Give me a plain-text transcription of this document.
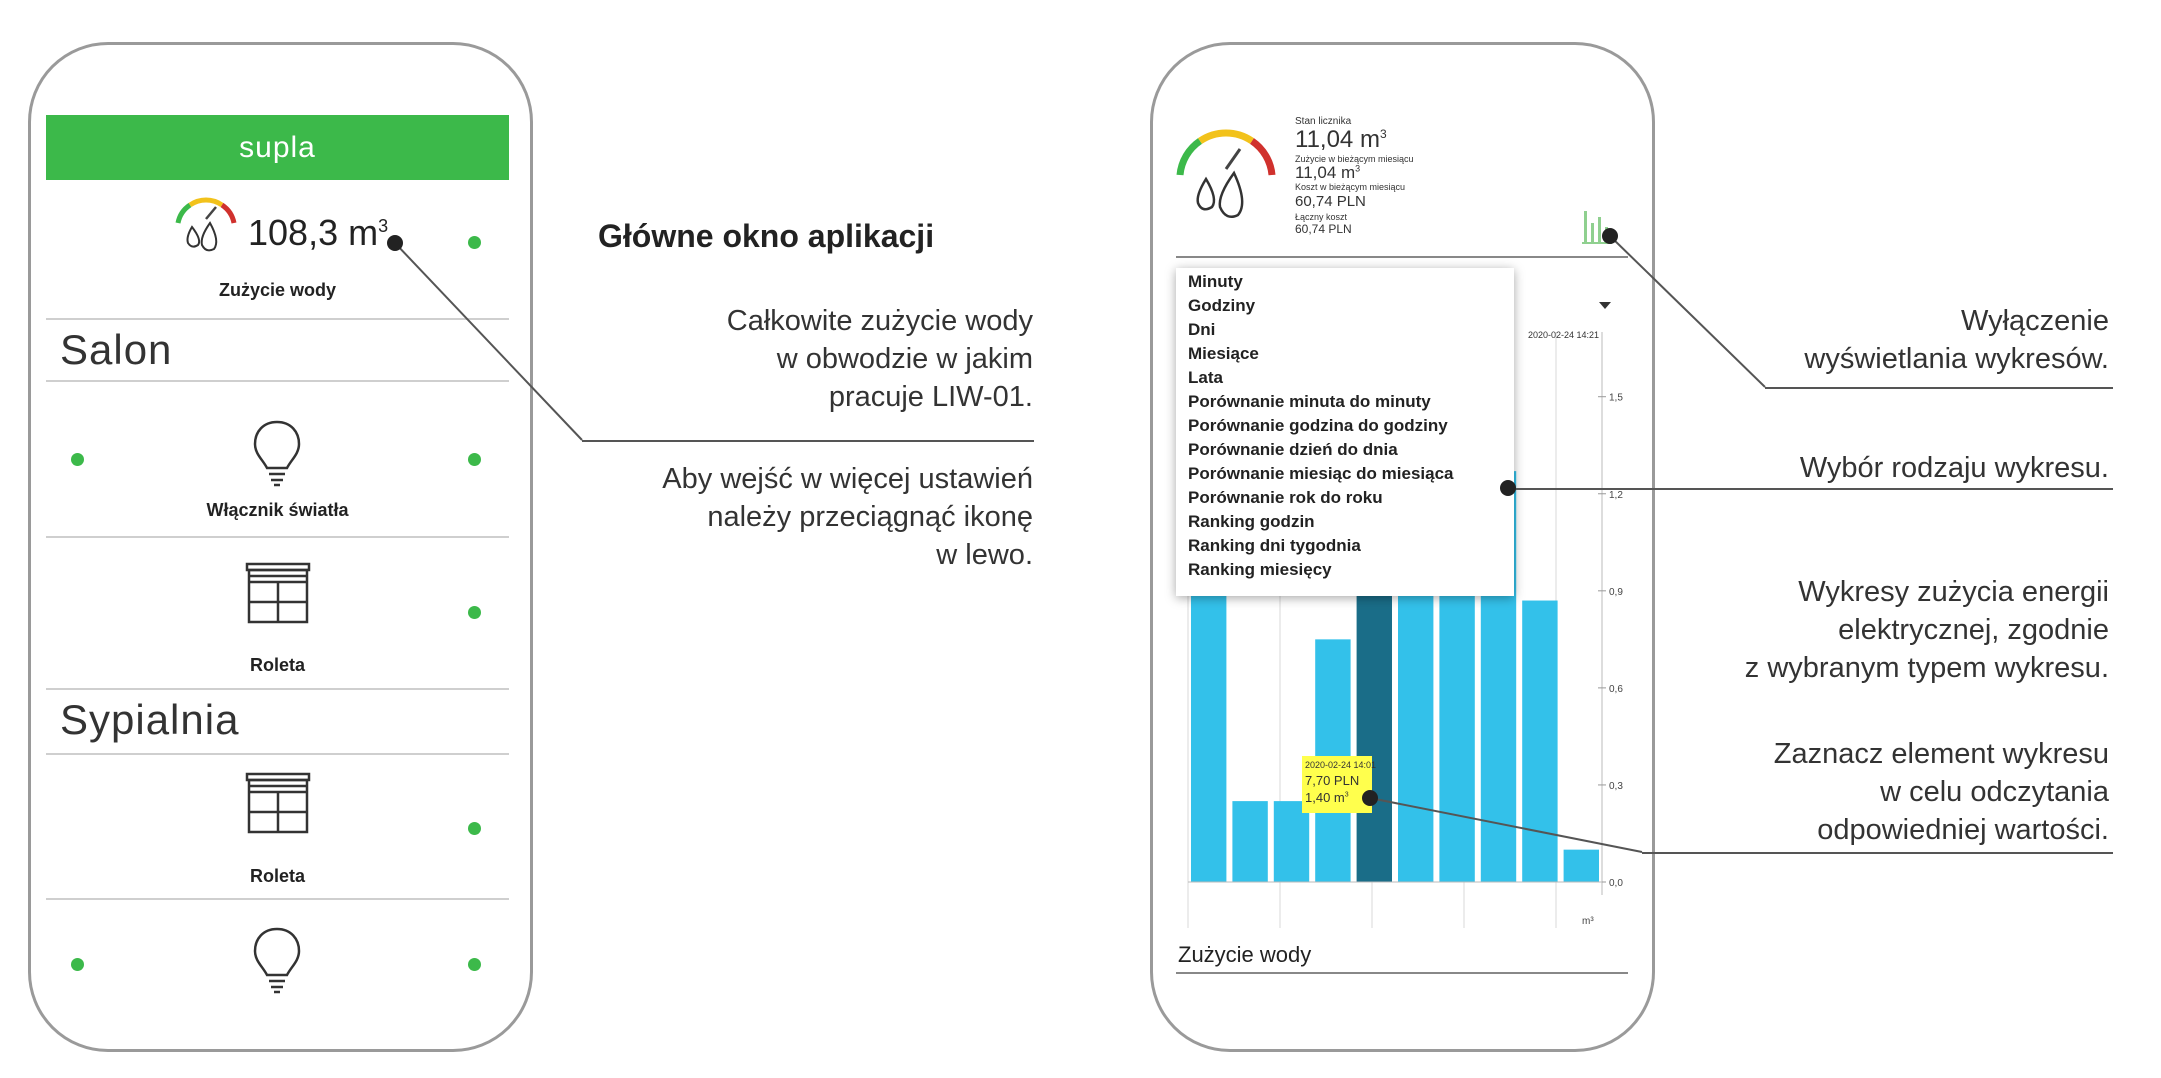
supla
108,3 $m^3$
Zużycie wody
Salon
Włącznik światła
Roleta
Sypialnia
Roleta
Główne okno aplikacji
Całkowite zużycie wody
w obwodzie w jakim
pracuje LIW-01.
Aby wejść w więcej ustawień
należy przeciągnąć ikonę
w lewo.
Stan licznika
11,04 $m^3$
Zużycie w bieżącym miesiącu
11,04 $m^3$
Koszt w bieżącym miesiącu
60,74 PLN
Łączny koszt
60,74 PLN
2020-02-24 14:21
0,0
0,3
0,6
0,9
1,2
1,5
m³
Minuty
Godziny
Dni
Miesiące
Lata
Porównanie minuta do minuty
Porównanie godzina do godziny
Porównanie dzień do dnia
Porównanie miesiąc do miesiąca
Porównanie rok do roku
Ranking godzin
Ranking dni tygodnia
Ranking miesięcy
2020-02-24 14:01
7,70 PLN
1,40 $m^3$
Zużycie wody
Wyłączenie
wyświetlania wykresów.
Wybór rodzaju wykresu.
Wykresy zużycia energii
elektrycznej, zgodnie
z wybranym typem wykresu.
Zaznacz element wykresu
w celu odczytania
odpowiedniej wartości.
